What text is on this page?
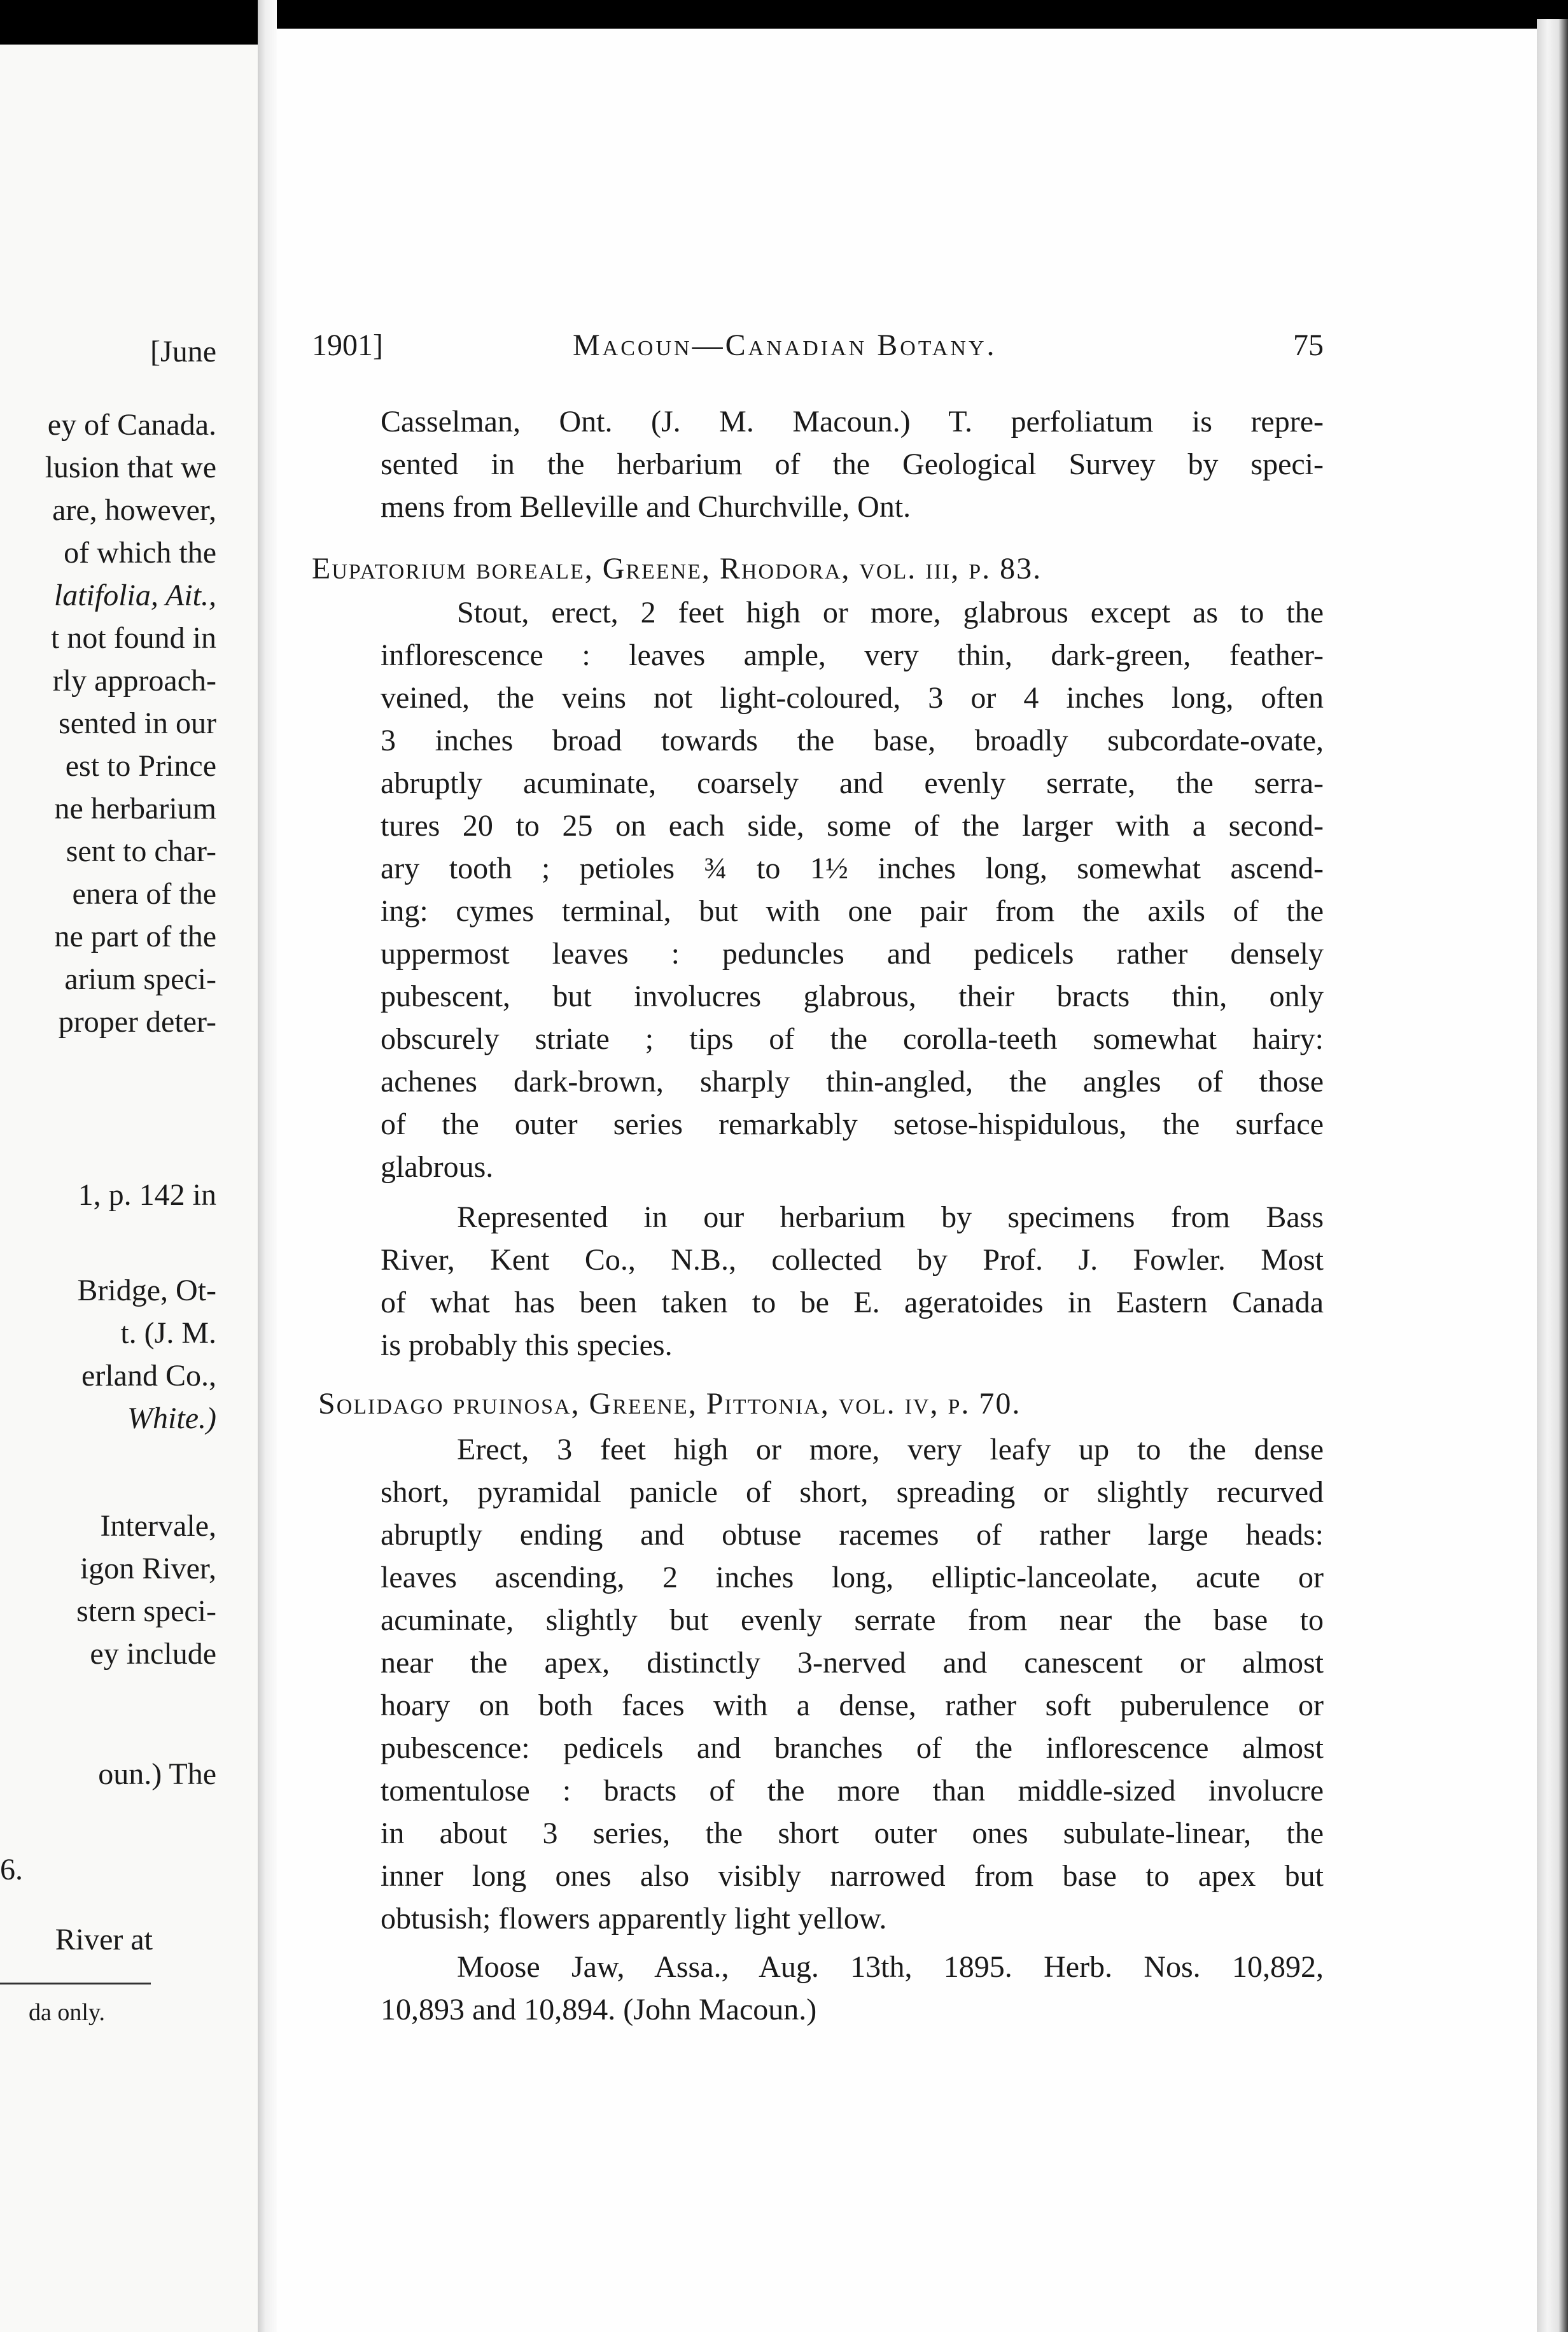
[June
ey of Canada.
lusion that we
are, however,
of which the
latifolia, Ait.,
t not found in
rly approach-
sented in our
est to Prince
ne herbarium
sent to char-
enera of the
ne part of the
arium speci-
proper deter-
1, p. 142 in
Bridge, Ot-
t. (J. M.
erland Co.,
White.)
Intervale,
igon River,
stern speci-
ey include
oun.) The
6.
River at
da only.
1901]	Macoun—Canadian Botany.	75
Casselman, Ont. (J. M. Macoun.) T. perfoliatum is repre-
sented in the herbarium of the Geological Survey by speci-
mens from Belleville and Churchville, Ont.
Eupatorium boreale, Greene, Rhodora, vol. iii, p. 83.
Stout, erect, 2 feet high or more, glabrous except as to the
inflorescence : leaves ample, very thin, dark-green, feather-
veined, the veins not light-coloured, 3 or 4 inches long, often
3 inches broad towards the base, broadly subcordate-ovate,
abruptly acuminate, coarsely and evenly serrate, the serra-
tures 20 to 25 on each side, some of the larger with a second-
ary tooth ; petioles ¾ to 1½ inches long, somewhat ascend-
ing: cymes terminal, but with one pair from the axils of the
uppermost leaves : peduncles and pedicels rather densely
pubescent, but involucres glabrous, their bracts thin, only
obscurely striate ; tips of the corolla-teeth somewhat hairy:
achenes dark-brown, sharply thin-angled, the angles of those
of the outer series remarkably setose-hispidulous, the surface
glabrous.
Represented in our herbarium by specimens from Bass
River, Kent Co., N.B., collected by Prof. J. Fowler. Most
of what has been taken to be E. ageratoides in Eastern Canada
is probably this species.
Solidago pruinosa, Greene, Pittonia, vol. iv, p. 70.
Erect, 3 feet high or more, very leafy up to the dense
short, pyramidal panicle of short, spreading or slightly recurved
abruptly ending and obtuse racemes of rather large heads:
leaves ascending, 2 inches long, elliptic-lanceolate, acute or
acuminate, slightly but evenly serrate from near the base to
near the apex, distinctly 3-nerved and canescent or almost
hoary on both faces with a dense, rather soft puberulence or
pubescence: pedicels and branches of the inflorescence almost
tomentulose : bracts of the more than middle-sized involucre
in about 3 series, the short outer ones subulate-linear, the
inner long ones also visibly narrowed from base to apex but
obtusish; flowers apparently light yellow.
Moose Jaw, Assa., Aug. 13th, 1895. Herb. Nos. 10,892,
10,893 and 10,894. (John Macoun.)
